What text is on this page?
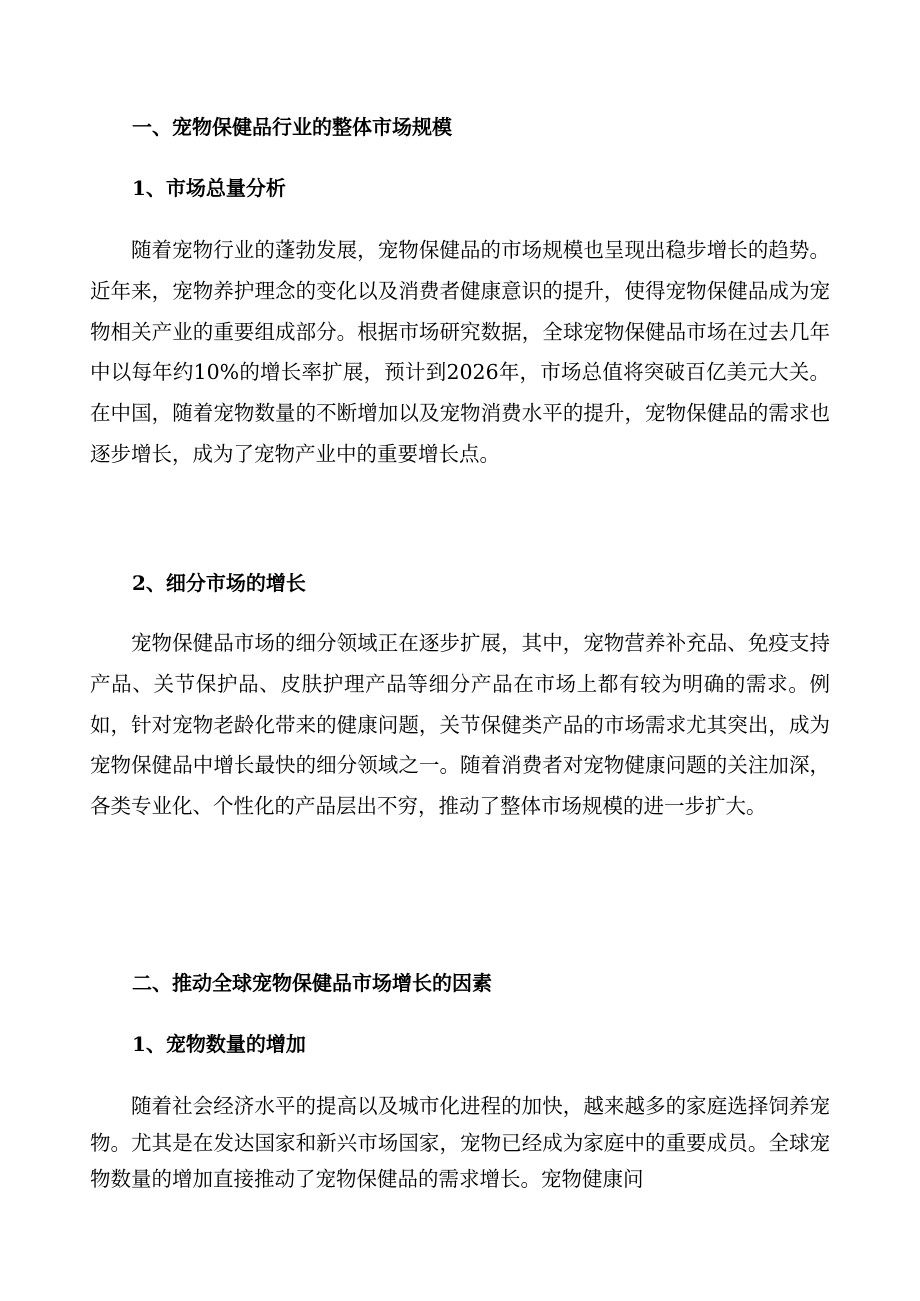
一、宠物保健品行业的整体市场规模
1、市场总量分析

随着宠物行业的蓬勃发展，宠物保健品的市场规模也呈现出稳步增长的趋势。近年来，宠物养护理念的变化以及消费者健康意识的提升，使得宠物保健品成为宠物相关产业的重要组成部分。根据市场研究数据，全球宠物保健品市场在过去几年中以每年约10%的增长率扩展，预计到2026年，市场总值将突破百亿美元大关。在中国，随着宠物数量的不断增加以及宠物消费水平的提升，宠物保健品的需求也逐步增长，成为了宠物产业中的重要增长点。

2、细分市场的增长

宠物保健品市场的细分领域正在逐步扩展，其中，宠物营养补充品、免疫支持产品、关节保护品、皮肤护理产品等细分产品在市场上都有较为明确的需求。例如，针对宠物老龄化带来的健康问题，关节保健类产品的市场需求尤其突出，成为宠物保健品中增长最快的细分领域之一。随着消费者对宠物健康问题的关注加深，各类专业化、个性化的产品层出不穷，推动了整体市场规模的进一步扩大。

二、推动全球宠物保健品市场增长的因素
1、宠物数量的增加

随着社会经济水平的提高以及城市化进程的加快，越来越多的家庭选择饲养宠物。尤其是在发达国家和新兴市场国家，宠物已经成为家庭中的重要成员。全球宠物数量的增加直接推动了宠物保健品的需求增长。宠物健康问
